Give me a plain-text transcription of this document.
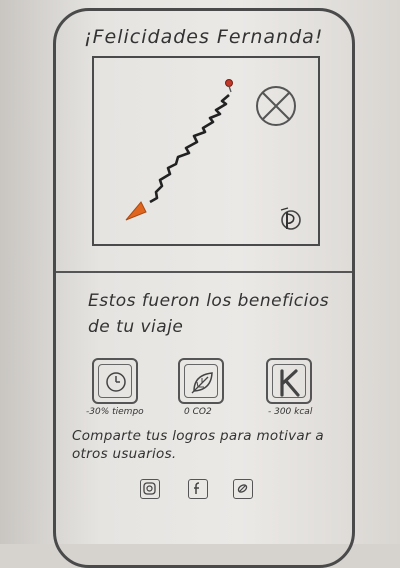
¡Felicidades Fernanda!
Estos fueron los beneficios de tu viaje
-30% tiempo	0 CO2	- 300 kcal
Comparte tus logros para motivar a otros usuarios.
